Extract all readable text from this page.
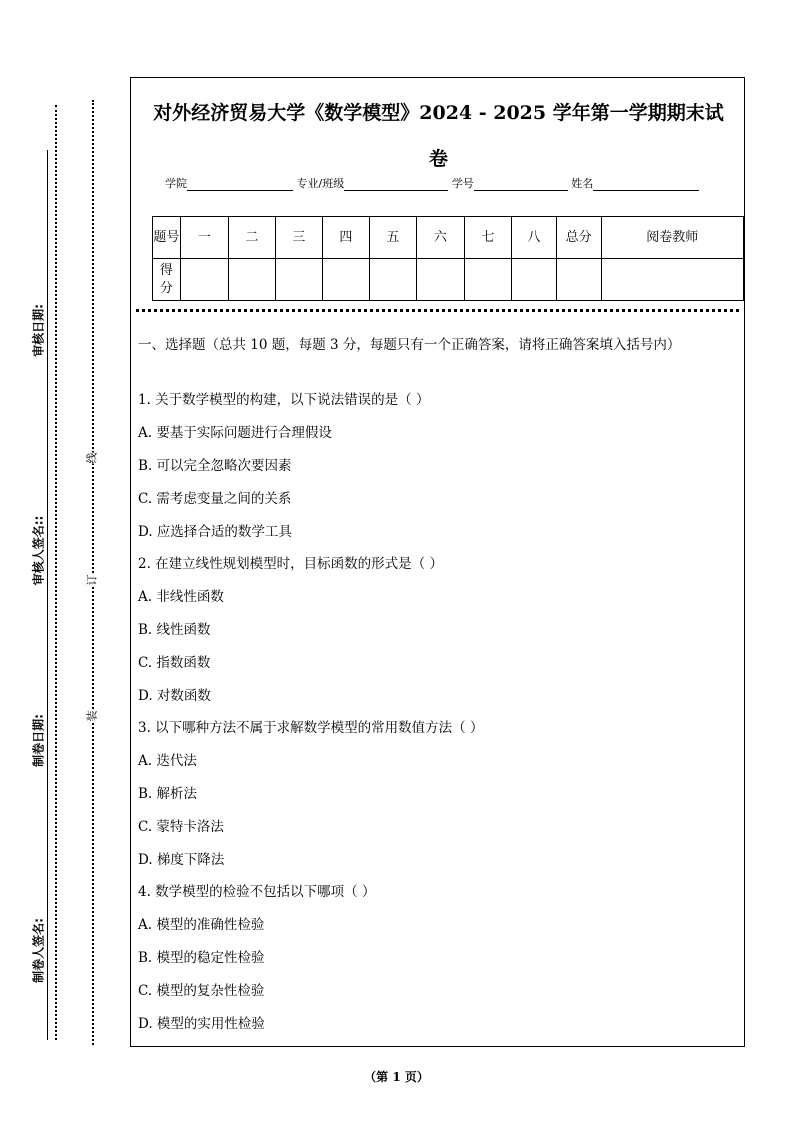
审核日期:
审核人签名::
制卷日期:
制卷人签名:
线
订
装
对外经济贸易大学《数学模型》2024 - 2025 学年第一学期期末试
卷
学院	专业/班级	学号	姓名
题号	一	二	三	四	五	六	七	八	总分	阅卷教师
得分										
一、选择题（总共 10 题，每题 3 分，每题只有一个正确答案，请将正确答案填入括号内）
1. 关于数学模型的构建，以下说法错误的是（ ）
A. 要基于实际问题进行合理假设
B. 可以完全忽略次要因素
C. 需考虑变量之间的关系
D. 应选择合适的数学工具
2. 在建立线性规划模型时，目标函数的形式是（ ）
A. 非线性函数
B. 线性函数
C. 指数函数
D. 对数函数
3. 以下哪种方法不属于求解数学模型的常用数值方法（ ）
A. 迭代法
B. 解析法
C. 蒙特卡洛法
D. 梯度下降法
4. 数学模型的检验不包括以下哪项（ ）
A. 模型的准确性检验
B. 模型的稳定性检验
C. 模型的复杂性检验
D. 模型的实用性检验
（第 1 页）
